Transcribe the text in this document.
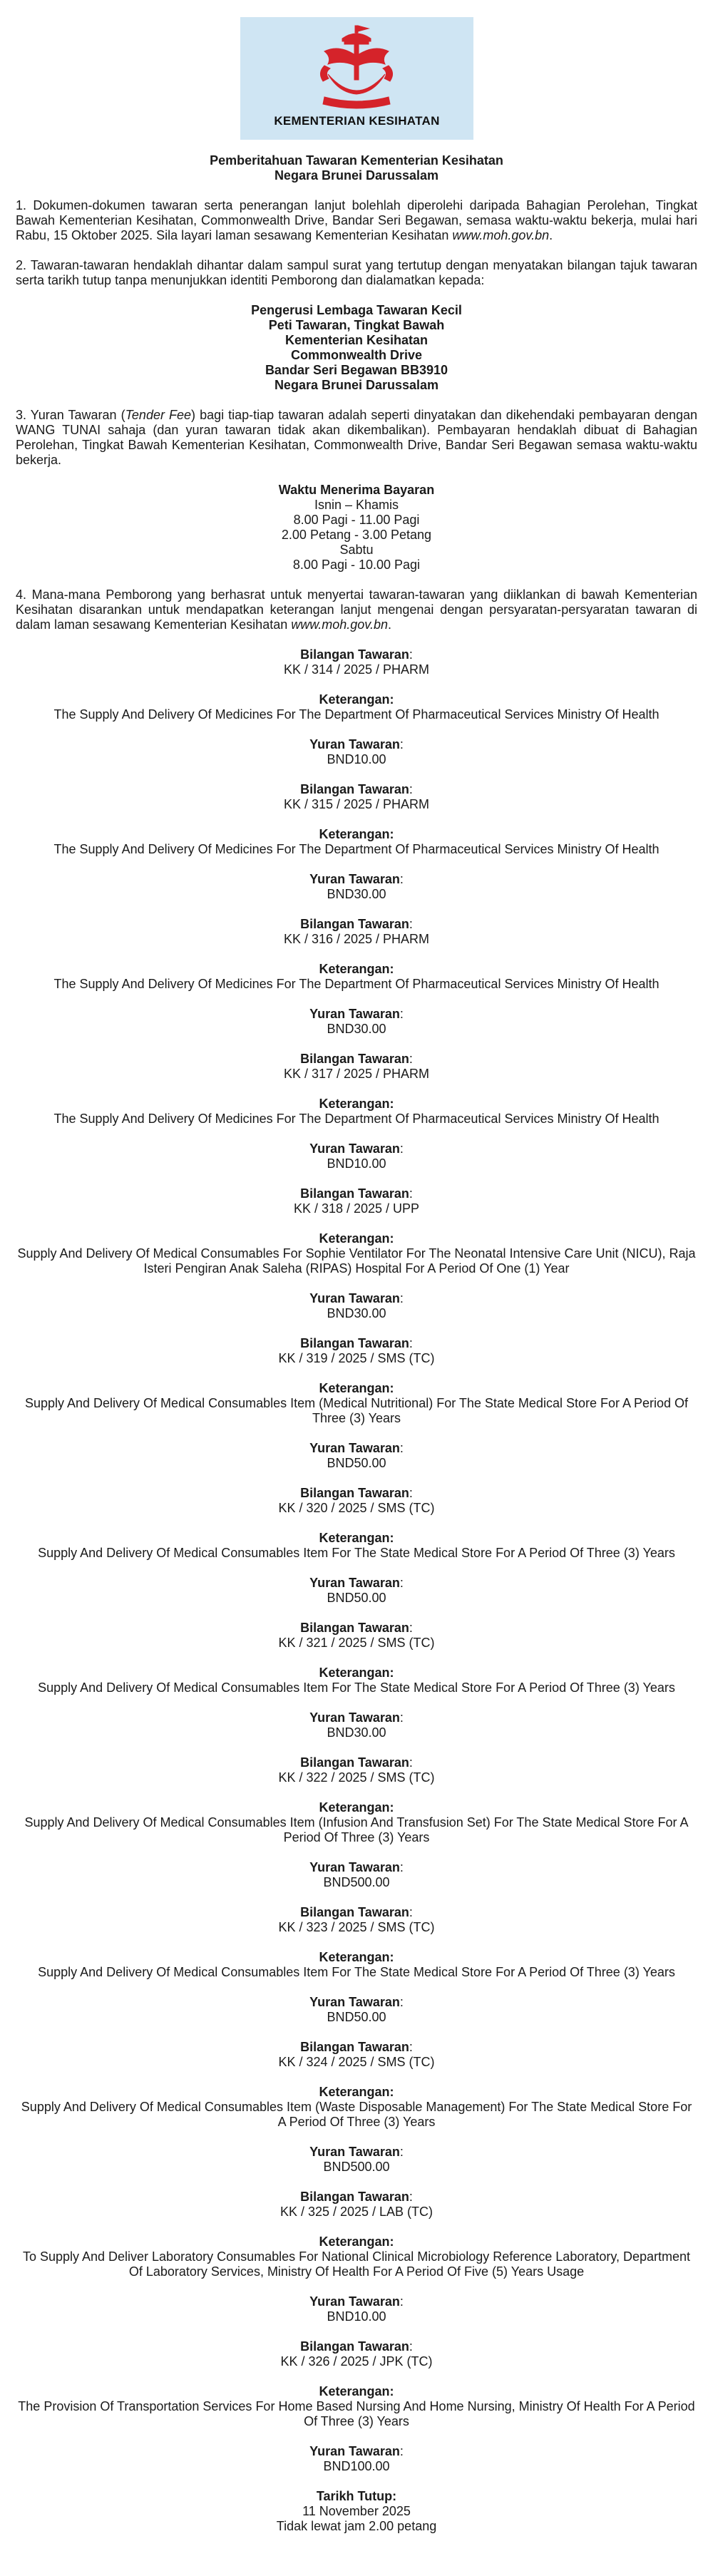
KEMENTERIAN KESIHATAN

Pemberitahuan Tawaran Kementerian Kesihatan

Negara Brunei Darussalam

1. Dokumen-dokumen tawaran serta penerangan lanjut bolehlah diperolehi daripada Bahagian Perolehan, Tingkat Bawah Kementerian Kesihatan, Commonwealth Drive, Bandar Seri Begawan, semasa waktu-waktu bekerja, mulai hari Rabu, 15 Oktober 2025. Sila layari laman sesawang Kementerian Kesihatan www.moh.gov.bn.

2. Tawaran-tawaran hendaklah dihantar dalam sampul surat yang tertutup dengan menyatakan bilangan tajuk tawaran serta tarikh tutup tanpa menunjukkan identiti Pemborong dan dialamatkan kepada:

Pengerusi Lembaga Tawaran Kecil

Peti Tawaran, Tingkat Bawah

Kementerian Kesihatan

Commonwealth Drive

Bandar Seri Begawan BB3910

Negara Brunei Darussalam

3. Yuran Tawaran (Tender Fee) bagi tiap-tiap tawaran adalah seperti dinyatakan dan dikehendaki pembayaran dengan WANG TUNAI sahaja (dan yuran tawaran tidak akan dikembalikan). Pembayaran hendaklah dibuat di Bahagian Perolehan, Tingkat Bawah Kementerian Kesihatan, Commonwealth Drive, Bandar Seri Begawan semasa waktu-waktu bekerja.

Waktu Menerima Bayaran

Isnin – Khamis

8.00 Pagi - 11.00 Pagi

2.00 Petang - 3.00 Petang

Sabtu

8.00 Pagi - 10.00 Pagi

4. Mana-mana Pemborong yang berhasrat untuk menyertai tawaran-tawaran yang diiklankan di bawah Kementerian Kesihatan disarankan untuk mendapatkan keterangan lanjut mengenai dengan persyaratan-persyaratan tawaran di dalam laman sesawang Kementerian Kesihatan www.moh.gov.bn.

Bilangan Tawaran:

KK / 314 / 2025 / PHARM

Keterangan:

The Supply And Delivery Of Medicines For The Department Of Pharmaceutical Services Ministry Of Health

Yuran Tawaran:

BND10.00

Bilangan Tawaran:

KK / 315 / 2025 / PHARM

Keterangan:

The Supply And Delivery Of Medicines For The Department Of Pharmaceutical Services Ministry Of Health

Yuran Tawaran:

BND30.00

Bilangan Tawaran:

KK / 316 / 2025 / PHARM

Keterangan:

The Supply And Delivery Of Medicines For The Department Of Pharmaceutical Services Ministry Of Health

Yuran Tawaran:

BND30.00

Bilangan Tawaran:

KK / 317 / 2025 / PHARM

Keterangan:

The Supply And Delivery Of Medicines For The Department Of Pharmaceutical Services Ministry Of Health

Yuran Tawaran:

BND10.00

Bilangan Tawaran:

KK / 318 / 2025 / UPP

Keterangan:

Supply And Delivery Of Medical Consumables For Sophie Ventilator For The Neonatal Intensive Care Unit (NICU), Raja Isteri Pengiran Anak Saleha (RIPAS) Hospital For A Period Of One (1) Year

Yuran Tawaran:

BND30.00

Bilangan Tawaran:

KK / 319 / 2025 / SMS (TC)

Keterangan:

Supply And Delivery Of Medical Consumables Item (Medical Nutritional) For The State Medical Store For A Period Of Three (3) Years

Yuran Tawaran:

BND50.00

Bilangan Tawaran:

KK / 320 / 2025 / SMS (TC)

Keterangan:

Supply And Delivery Of Medical Consumables Item For The State Medical Store For A Period Of Three (3) Years

Yuran Tawaran:

BND50.00

Bilangan Tawaran:

KK / 321 / 2025 / SMS (TC)

Keterangan:

Supply And Delivery Of Medical Consumables Item For The State Medical Store For A Period Of Three (3) Years

Yuran Tawaran:

BND30.00

Bilangan Tawaran:

KK / 322 / 2025 / SMS (TC)

Keterangan:

Supply And Delivery Of Medical Consumables Item (Infusion And Transfusion Set) For The State Medical Store For A Period Of Three (3) Years

Yuran Tawaran:

BND500.00

Bilangan Tawaran:

KK / 323 / 2025 / SMS (TC)

Keterangan:

Supply And Delivery Of Medical Consumables Item For The State Medical Store For A Period Of Three (3) Years

Yuran Tawaran:

BND50.00

Bilangan Tawaran:

KK / 324 / 2025 / SMS (TC)

Keterangan:

Supply And Delivery Of Medical Consumables Item (Waste Disposable Management) For The State Medical Store For A Period Of Three (3) Years

Yuran Tawaran:

BND500.00

Bilangan Tawaran:

KK / 325 / 2025 / LAB (TC)

Keterangan:

To Supply And Deliver Laboratory Consumables For National Clinical Microbiology Reference Laboratory, Department Of Laboratory Services, Ministry Of Health For A Period Of Five (5) Years Usage

Yuran Tawaran:

BND10.00

Bilangan Tawaran:

KK / 326 / 2025 / JPK (TC)

Keterangan:

The Provision Of Transportation Services For Home Based Nursing And Home Nursing, Ministry Of Health For A Period Of Three (3) Years

Yuran Tawaran:

BND100.00

Tarikh Tutup:

11 November 2025

Tidak lewat jam 2.00 petang
